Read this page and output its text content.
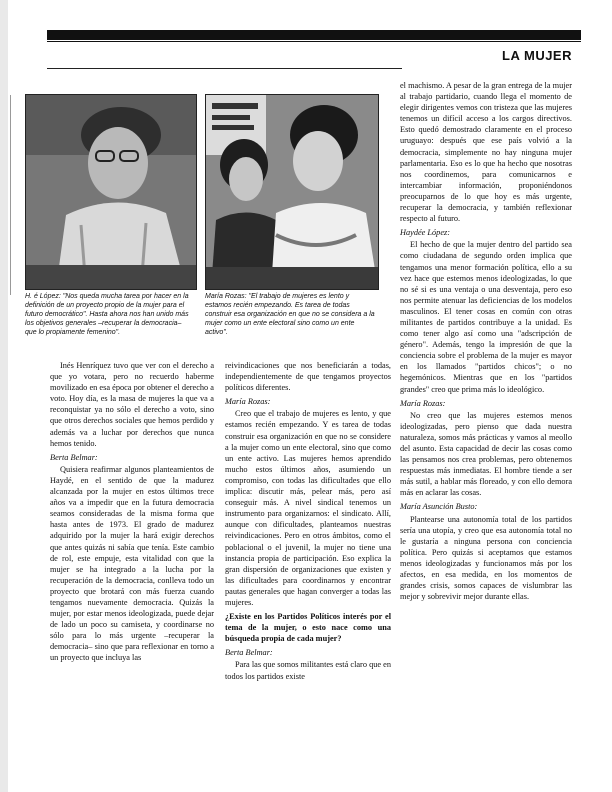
LA MUJER
H. é López: "Nos queda mucha tarea por hacer en la definición de un proyecto propio de la mujer para el futuro democrático". Hasta ahora nos han unido más los objetivos generales –recuperar la democracia– que lo propiamente femenino".
María Rozas: "El trabajo de mujeres es lento y estamos recién empezando. Es tarea de todas construir esa organización en que no se considera a la mujer como un ente electoral sino como un ente activo".

Inés Henríquez tuvo que ver con el derecho a que yo votara, pero no recuerdo haberme movilizado en esa época por obtener el derecho a voto. Hoy día, es la masa de mujeres la que va a reconquistar ya no sólo el derecho a voto, sino que otros derechos sociales que hemos perdido y además va a luchar por derechos que nunca hemos tenido.

Berta Belmar:

Quisiera reafirmar algunos planteamientos de Haydé, en el sentido de que la madurez alcanzada por la mujer en estos últimos trece años va a impedir que en la futura democracia seamos consideradas de la misma forma que hasta antes de 1973. El grado de madurez adquirido por la mujer la hará exigir derechos que antes quizás ni sabía que tenía. Este cambio de rol, este empuje, esta vitalidad con que la mujer se ha integrado a la lucha por la recuperación de la democracia, conlleva todo un proyecto que brotará con más fuerza cuando tengamos nuevamente democracia. Quizás la mujer, por estar menos ideologizada, puede dejar de lado un poco su camiseta, y coordinarse no sólo para lo más urgente –recuperar la democracia– sino que para reflexionar en torno a un proyecto que incluya las

reivindicaciones que nos beneficiarán a todas, independientemente de que tengamos proyectos políticos diferentes.

María Rozas:

Creo que el trabajo de mujeres es lento, y que estamos recién empezando. Y es tarea de todas construir esa organización en que no se considere a la mujer como un ente electoral, sino que como un ente activo. Las mujeres hemos aprendido mucho estos últimos años, asumiendo un compromiso, con todas las dificultades que ello implica: discutir más, pelear más, pero así conseguir más. A nivel sindical tenemos un instrumento para organizarnos: el sindicato. Allí, aunque con dificultades, planteamos nuestras reivindicaciones. Pero en otros ámbitos, como el poblacional o el juvenil, la mujer no tiene una instancia propia de participación. Eso explica la gran dispersión de organizaciones que existen y las dificultades para coordinarnos y encontrar pautas generales que hagan converger a todas las mujeres.

¿Existe en los Partidos Políticos interés por el tema de la mujer, o esto nace como una búsqueda propia de cada mujer?

Berta Belmar:

Para las que somos militantes está claro que en todos los partidos existe

el machismo. A pesar de la gran entrega de la mujer al trabajo partidario, cuando llega el momento de elegir dirigentes vemos con tristeza que las mujeres tenemos un difícil acceso a los cargos directivos. Esto quedó demostrado claramente en el proceso uruguayo: después que ese país volvió a la democracia, simplemente no hay ninguna mujer parlamentaria. Eso es lo que ha hecho que nosotras nos coordinemos, para comunicarnos e intercambiar información, proponiéndonos preocuparnos de lo que hoy es más urgente, recuperar la democracia, y también reflexionar respecto al futuro.

Haydée López:

El hecho de que la mujer dentro del partido sea como ciudadana de segundo orden implica que tengamos una menor formación política, ello a su vez hace que estemos menos ideologizadas, lo que no sé si es una ventaja o una desventaja, pero eso nos permite atenuar las deficiencias de los modelos masculinos. El tener cosas en común con otras militantes de partidos contribuye a la unidad. Es como tener algo así como una "adscripción de género". Además, tengo la impresión de que la conciencia sobre el problema de la mujer es mayor en los llamados "partidos chicos"; o no hegemónicos. Mientras que en los "partidos grandes" creo que prima más lo ideológico.

María Rozas:

No creo que las mujeres estemos menos ideologizadas, pero pienso que dada nuestra naturaleza, somos más prácticas y vamos al meollo del asunto. Esta capacidad de decir las cosas como las pensamos nos crea problemas, pero obtenemos respuestas más inmediatas. El hombre tiende a ser más sutil, a hablar más floreado, y con ello demora más en aclarar las cosas.

María Asunción Busto:

Plantearse una autonomía total de los partidos sería una utopía, y creo que esa autonomía total no le gustaría a ninguna persona con conciencia política. Pero quizás si aceptamos que estamos menos ideologizadas y funcionamos más por los afectos, en esa medida, en los momentos de grandes crisis, somos capaces de vislumbrar las mejor y sobrevivir mejor durante ellas.
